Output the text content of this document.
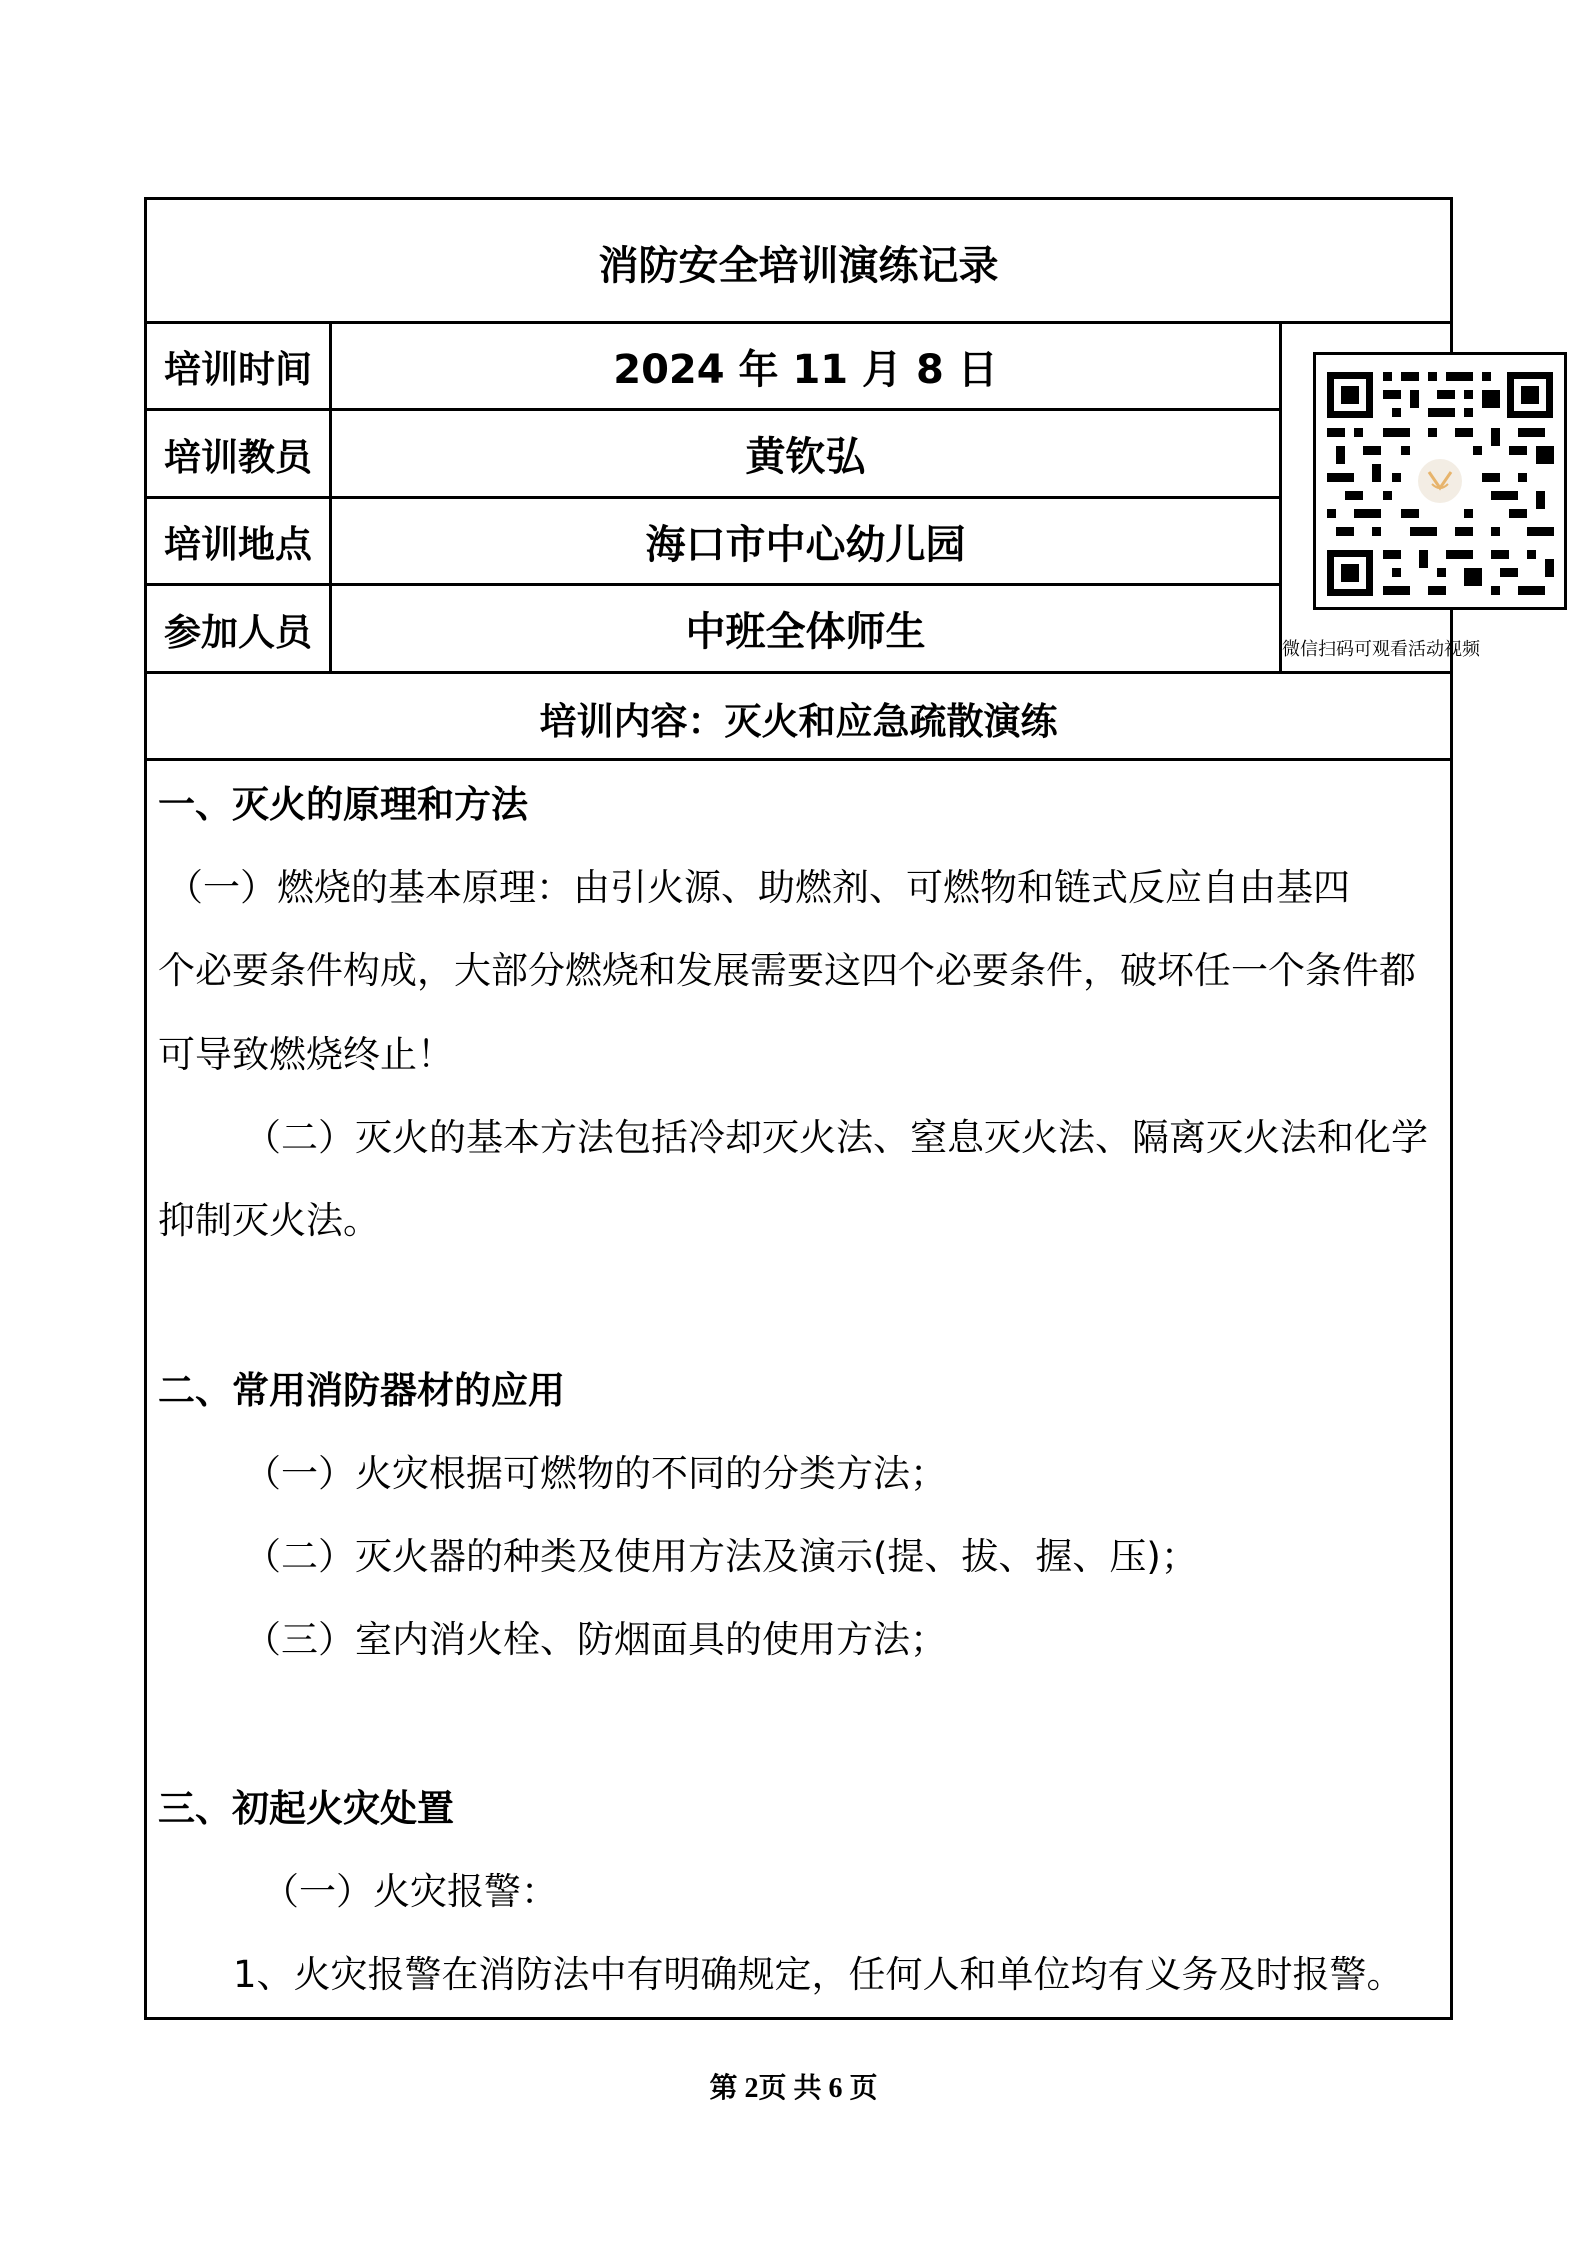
消防安全培训演练记录
培训时间	2024 年 11 月 8 日
培训教员	黄钦弘
培训地点	海口市中心幼儿园
参加人员	中班全体师生	微信扫码可观看活动视频
培训内容：灭火和应急疏散演练
一、灭火的原理和方法
（一）燃烧的基本原理：由引火源、助燃剂、可燃物和链式反应自由基四
个必要条件构成，大部分燃烧和发展需要这四个必要条件，破坏任一个条件都
可导致燃烧终止！
（二）灭火的基本方法包括冷却灭火法、窒息灭火法、隔离灭火法和化学
抑制灭火法。
二、常用消防器材的应用
（一）火灾根据可燃物的不同的分类方法；
（二）灭火器的种类及使用方法及演示(提、拔、握、压)；
（三）室内消火栓、防烟面具的使用方法；
三、初起火灾处置
（一）火灾报警：
1、火灾报警在消防法中有明确规定，任何人和单位均有义务及时报警。
第 2页 共 6 页
